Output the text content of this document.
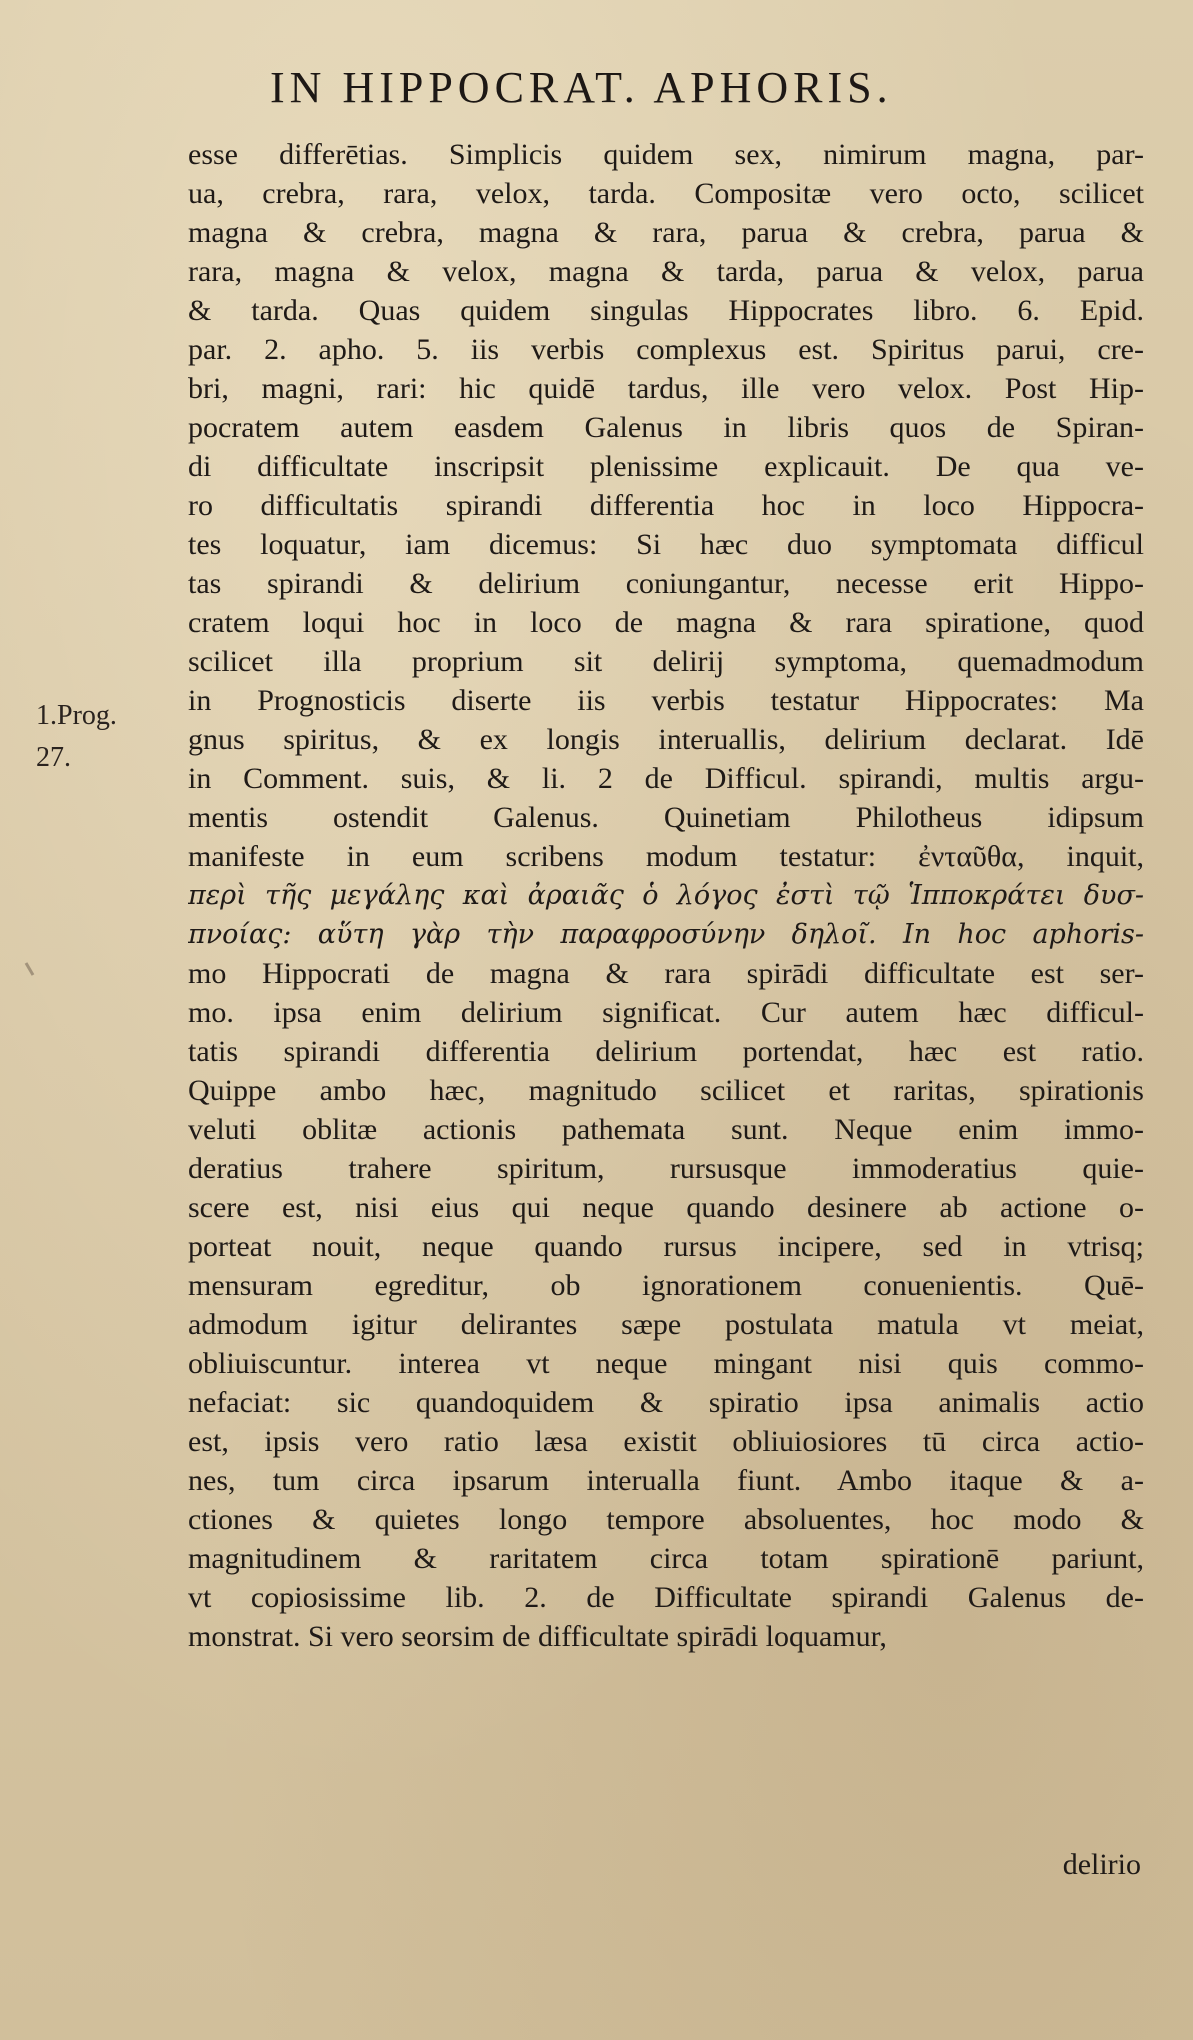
IN HIPPOCRAT. APHORIS.
1.Prog.
27.
esse differētias. Simplicis quidem sex, nimirum magna, par-
ua, crebra, rara, velox, tarda. Compositæ vero octo, scilicet
magna & crebra, magna & rara, parua & crebra, parua &
rara, magna & velox, magna & tarda, parua & velox, parua
& tarda. Quas quidem singulas Hippocrates libro. 6. Epid.
par. 2. apho. 5. iis verbis complexus est. Spiritus parui, cre-
bri, magni, rari: hic quidē tardus, ille vero velox. Post Hip-
pocratem autem easdem Galenus in libris quos de Spiran-
di difficultate inscripsit plenissime explicauit. De qua ve-
ro difficultatis spirandi differentia hoc in loco Hippocra-
tes loquatur, iam dicemus: Si hæc duo symptomata difficul
tas spirandi & delirium coniungantur, necesse erit Hippo-
cratem loqui hoc in loco de magna & rara spiratione, quod
scilicet illa proprium sit delirij symptoma, quemadmodum
in Prognosticis diserte iis verbis testatur Hippocrates: Ma
gnus spiritus, & ex longis interuallis, delirium declarat. Idē
in Comment. suis, & li. 2 de Difficul. spirandi, multis argu-
mentis ostendit Galenus. Quinetiam Philotheus idipsum
manifeste in eum scribens modum testatur: ἐνταῦθα, inquit,
περὶ τῆς μεγάλης καὶ ἀραιᾶς ὁ λόγος ἐστὶ τῷ Ἱπποκράτει δυσ-
πνοίας: αὕτη γὰρ τὴν παραφροσύνην δηλοῖ. In hoc aphoris-
mo Hippocrati de magna & rara spirādi difficultate est ser-
mo. ipsa enim delirium significat. Cur autem hæc difficul-
tatis spirandi differentia delirium portendat, hæc est ratio.
Quippe ambo hæc, magnitudo scilicet et raritas, spirationis
veluti oblitæ actionis pathemata sunt. Neque enim immo-
deratius trahere spiritum, rursusque immoderatius quie-
scere est, nisi eius qui neque quando desinere ab actione o-
porteat nouit, neque quando rursus incipere, sed in vtrisq;
mensuram egreditur, ob ignorationem conuenientis. Quē-
admodum igitur delirantes sæpe postulata matula vt meiat,
obliuiscuntur. interea vt neque mingant nisi quis commo-
nefaciat: sic quandoquidem & spiratio ipsa animalis actio
est, ipsis vero ratio læsa existit obliuiosiores tū circa actio-
nes, tum circa ipsarum interualla fiunt. Ambo itaque & a-
ctiones & quietes longo tempore absoluentes, hoc modo &
magnitudinem & raritatem circa totam spirationē pariunt,
vt copiosissime lib. 2. de Difficultate spirandi Galenus de-
monstrat. Si vero seorsim de difficultate spirādi loquamur,
delirio
